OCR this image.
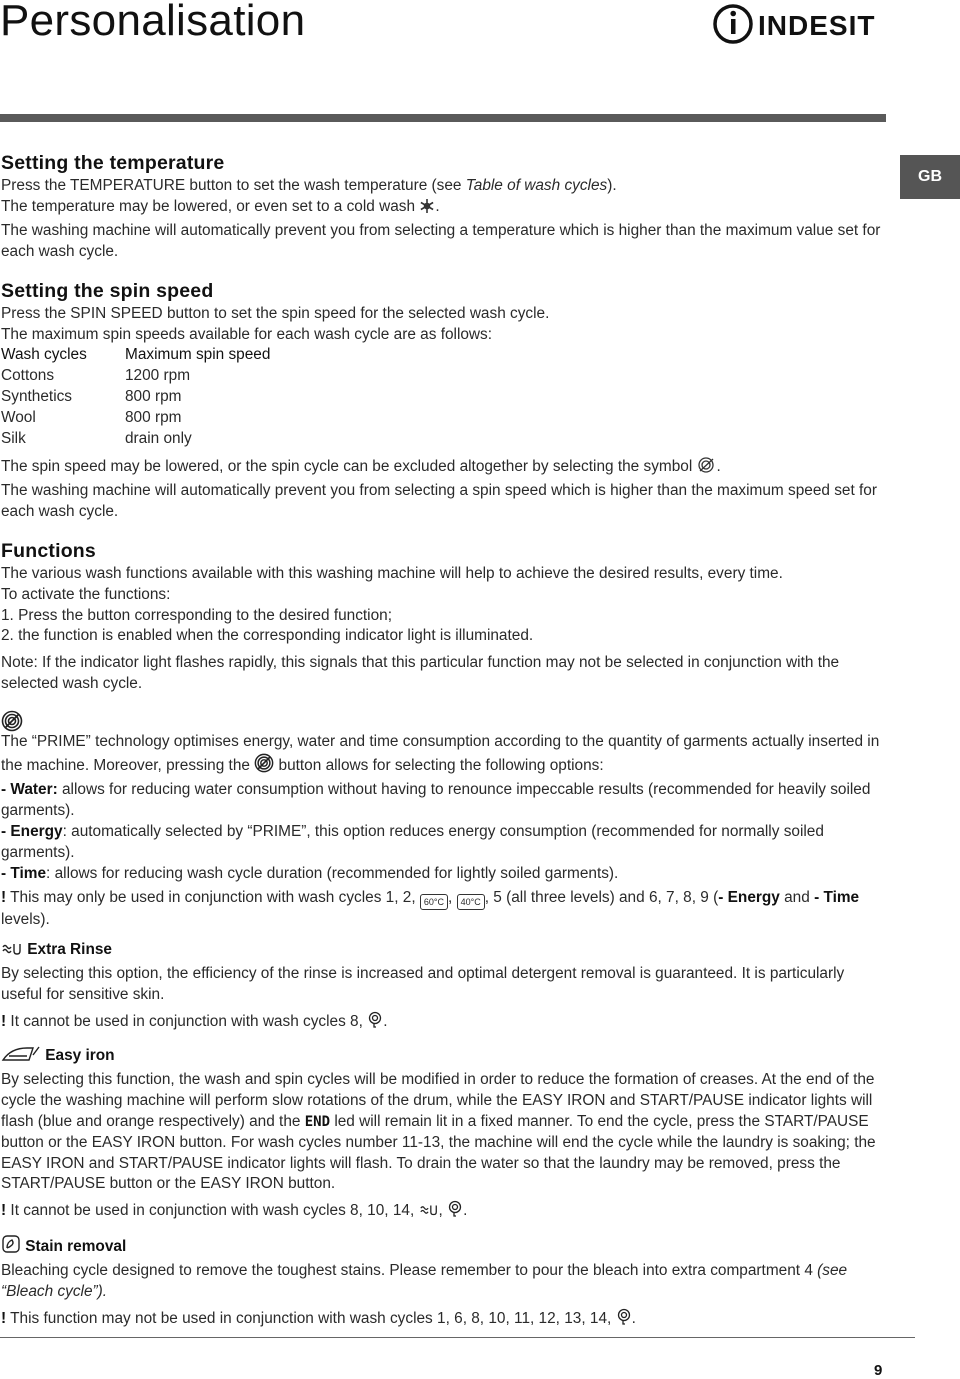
Personalisation	INDESIT
GB
Setting the temperature

Press the TEMPERATURE button to set the wash temperature (see Table of wash cycles).

The temperature may be lowered, or even set to a cold wash .

The washing machine will automatically prevent you from selecting a temperature which is higher than the maximum value set for each wash cycle.

Setting the spin speed

Press the SPIN SPEED button to set the spin speed for the selected wash cycle.

The maximum spin speeds available for each wash cycle are as follows:

Wash cycles	Maximum spin speed
Cottons	1200 rpm
Synthetics	800 rpm
Wool	800 rpm
Silk	drain only

The spin speed may be lowered, or the spin cycle can be excluded altogether by selecting the symbol .

The washing machine will automatically prevent you from selecting a spin speed which is higher than the maximum speed set for each wash cycle.

Functions

The various wash functions available with this washing machine will help to achieve the desired results, every time.

To activate the functions:

1. Press the button corresponding to the desired function;

2. the function is enabled when the corresponding indicator light is illuminated.

Note: If the indicator light flashes rapidly, this signals that this particular function may not be selected in conjunction with the selected wash cycle.

The “PRIME” technology optimises energy, water and time consumption according to the quantity of garments actually inserted in the machine. Moreover, pressing the button allows for selecting the following options:

- Water: allows for reducing water consumption without having to renounce impeccable results (recommended for heavily soiled garments).

- Energy: automatically selected by “PRIME”, this option reduces energy consumption (recommended for normally soiled garments).

- Time: allows for reducing wash cycle duration (recommended for lightly soiled garments).

! This may only be used in conjunction with wash cycles 1, 2, 60°C , 40°C , 5 (all three levels) and 6, 7, 8, 9 (- Energy and - Time levels).

Extra Rinse

By selecting this option, the efficiency of the rinse is increased and optimal detergent removal is guaranteed. It is particularly useful for sensitive skin.

! It cannot be used in conjunction with wash cycles 8, .

Easy iron

By selecting this function, the wash and spin cycles will be modified in order to reduce the formation of creases. At the end of the cycle the washing machine will perform slow rotations of the drum, while the EASY IRON and START/PAUSE indicator lights will flash (blue and orange respectively) and the END led will remain lit in a fixed manner. To end the cycle, press the START/PAUSE button or the EASY IRON button. For wash cycles number 11-13, the machine will end the cycle while the laundry is soaking; the EASY IRON and START/PAUSE indicator lights will flash. To drain the water so that the laundry may be removed, press the START/PAUSE button or the EASY IRON button.

! It cannot be used in conjunction with wash cycles 8, 10, 14, , .

Stain removal

Bleaching cycle designed to remove the toughest stains. Please remember to pour the bleach into extra compartment 4 (see “Bleach cycle”).

! This function may not be used in conjunction with wash cycles 1, 6, 8, 10, 11, 12, 13, 14, .

9
